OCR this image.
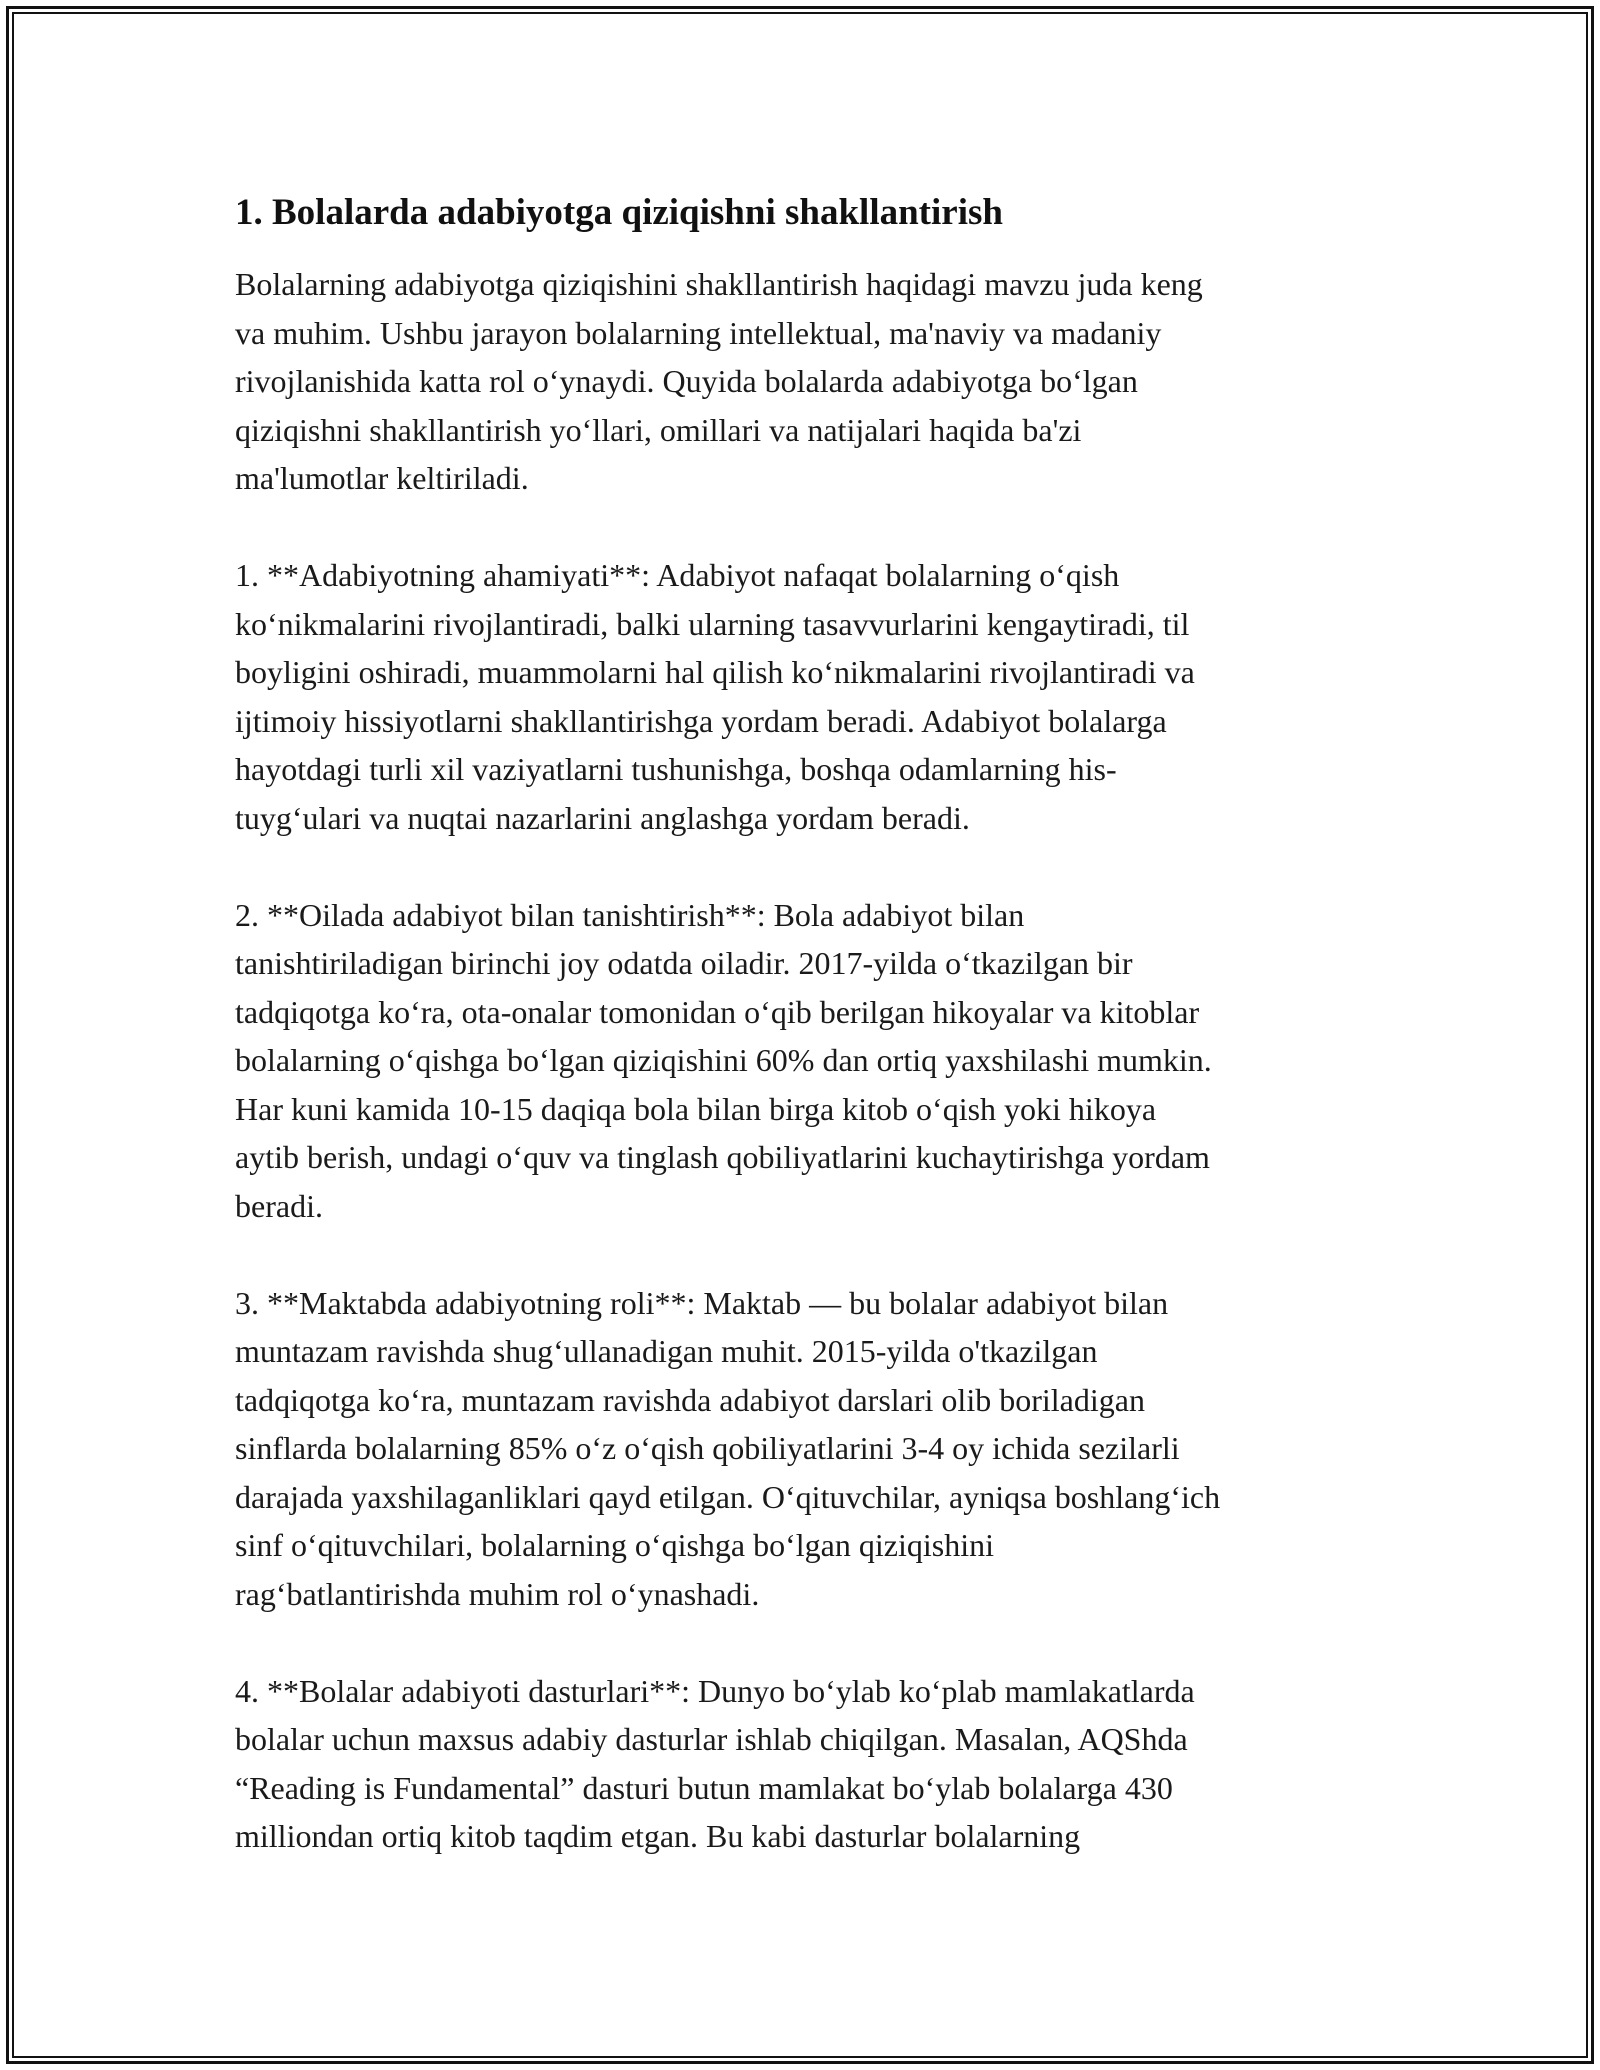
1. Bolalarda adabiyotga qiziqishni shakllantirish

Bolalarning adabiyotga qiziqishini shakllantirish haqidagi mavzu juda keng
va muhim. Ushbu jarayon bolalarning intellektual, ma'naviy va madaniy
rivojlanishida katta rol o‘ynaydi. Quyida bolalarda adabiyotga bo‘lgan
qiziqishni shakllantirish yo‘llari, omillari va natijalari haqida ba'zi
ma'lumotlar keltiriladi.

1. **Adabiyotning ahamiyati**: Adabiyot nafaqat bolalarning o‘qish
ko‘nikmalarini rivojlantiradi, balki ularning tasavvurlarini kengaytiradi, til
boyligini oshiradi, muammolarni hal qilish ko‘nikmalarini rivojlantiradi va
ijtimoiy hissiyotlarni shakllantirishga yordam beradi. Adabiyot bolalarga
hayotdagi turli xil vaziyatlarni tushunishga, boshqa odamlarning his-
tuyg‘ulari va nuqtai nazarlarini anglashga yordam beradi.

2. **Oilada adabiyot bilan tanishtirish**: Bola adabiyot bilan
tanishtiriladigan birinchi joy odatda oiladir. 2017-yilda o‘tkazilgan bir
tadqiqotga ko‘ra, ota-onalar tomonidan o‘qib berilgan hikoyalar va kitoblar
bolalarning o‘qishga bo‘lgan qiziqishini 60% dan ortiq yaxshilashi mumkin.
Har kuni kamida 10-15 daqiqa bola bilan birga kitob o‘qish yoki hikoya
aytib berish, undagi o‘quv va tinglash qobiliyatlarini kuchaytirishga yordam
beradi.

3. **Maktabda adabiyotning roli**: Maktab — bu bolalar adabiyot bilan
muntazam ravishda shug‘ullanadigan muhit. 2015-yilda o'tkazilgan
tadqiqotga ko‘ra, muntazam ravishda adabiyot darslari olib boriladigan
sinflarda bolalarning 85% o‘z o‘qish qobiliyatlarini 3-4 oy ichida sezilarli
darajada yaxshilaganliklari qayd etilgan. O‘qituvchilar, ayniqsa boshlang‘ich
sinf o‘qituvchilari, bolalarning o‘qishga bo‘lgan qiziqishini
rag‘batlantirishda muhim rol o‘ynashadi.

4. **Bolalar adabiyoti dasturlari**: Dunyo bo‘ylab ko‘plab mamlakatlarda
bolalar uchun maxsus adabiy dasturlar ishlab chiqilgan. Masalan, AQShda
“Reading is Fundamental” dasturi butun mamlakat bo‘ylab bolalarga 430
milliondan ortiq kitob taqdim etgan. Bu kabi dasturlar bolalarning
